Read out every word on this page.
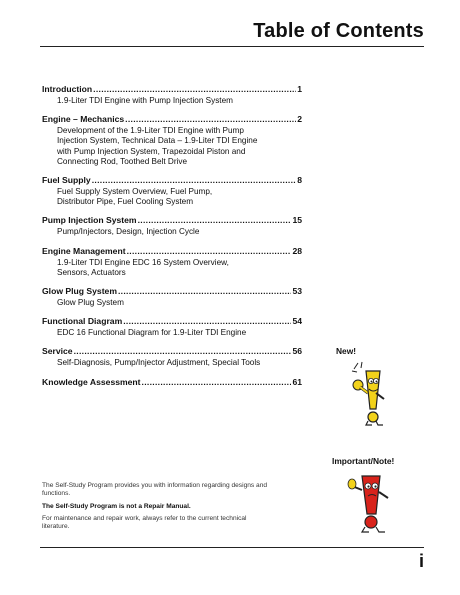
Table of Contents
Introduction .....	1
1.9-Liter TDI Engine with Pump Injection System
Engine – Mechanics .....	2
Development of the 1.9-Liter TDI Engine with Pump
Injection System, Technical Data – 1.9-Liter TDI Engine
with Pump Injection System, Trapezoidal Piston and
Connecting Rod, Toothed Belt Drive
Fuel Supply .....	8
Fuel Supply System Overview, Fuel Pump,
Distributor Pipe, Fuel Cooling System
Pump Injection System .....	15
Pump/Injectors, Design, Injection Cycle
Engine Management .....	28
1.9-Liter TDI Engine EDC 16 System Overview,
Sensors, Actuators
Glow Plug System .....	53
Glow Plug System
Functional Diagram .....	54
EDC 16 Functional Diagram for 1.9-Liter TDI Engine
Service .....	56
Self-Diagnosis, Pump/Injector Adjustment, Special Tools
Knowledge Assessment .....	61
New!
Important/Note!

The Self-Study Program provides you with information regarding designs and functions.

The Self-Study Program is not a Repair Manual.

For maintenance and repair work, always refer to the current technical literature.

i
